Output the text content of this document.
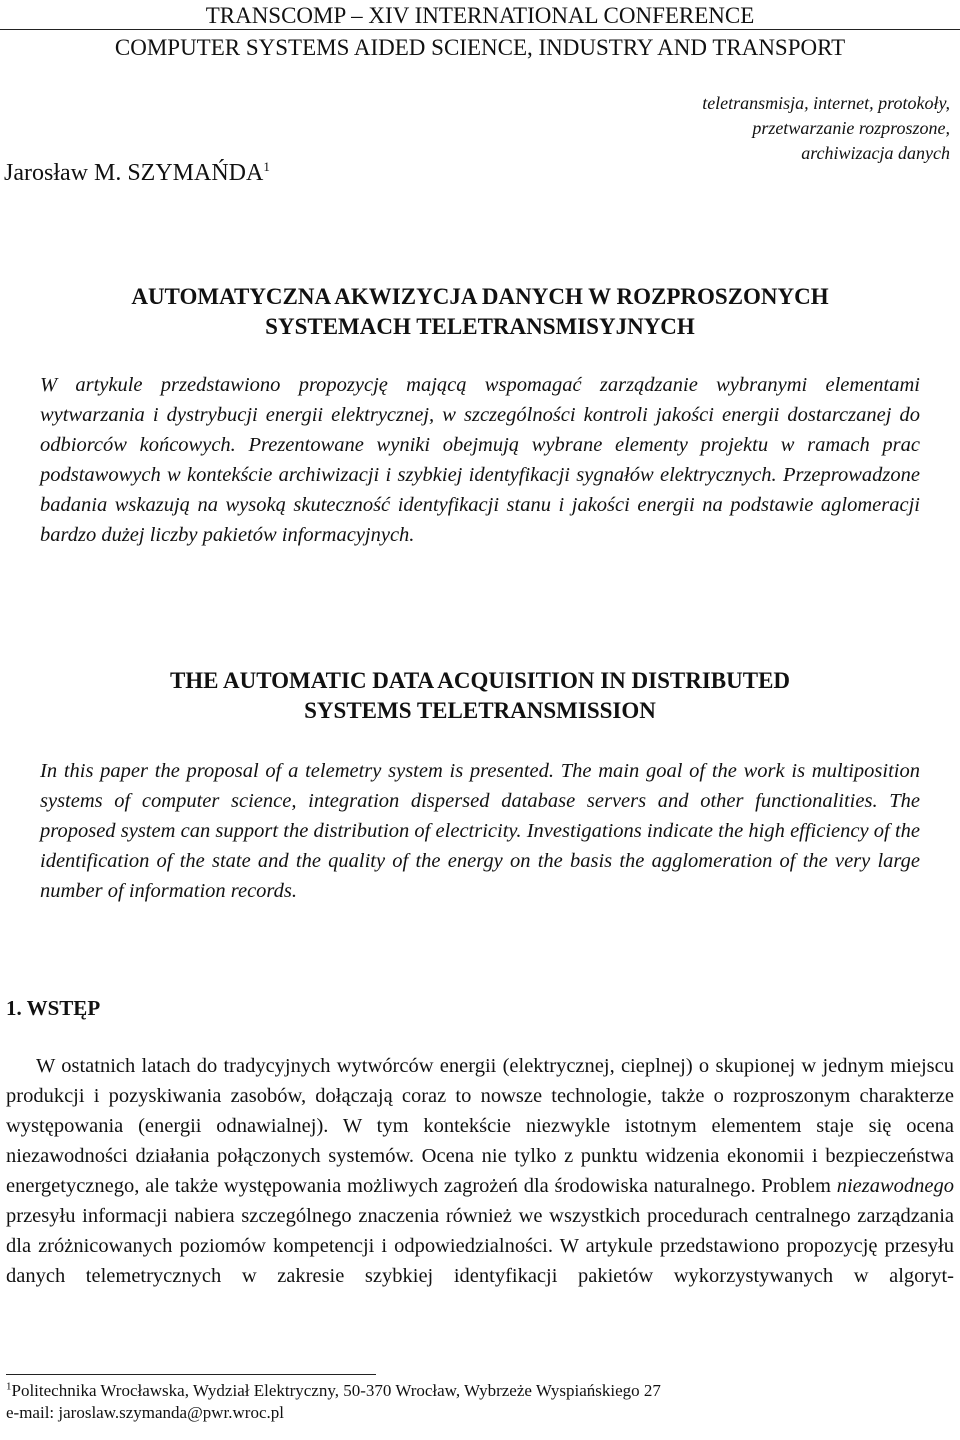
TRANSCOMP – XIV INTERNATIONAL CONFERENCE
COMPUTER SYSTEMS AIDED SCIENCE, INDUSTRY AND TRANSPORT
teletransmisja, internet, protokoły,
przetwarzanie rozproszone,
archiwizacja danych
Jarosław M. SZYMAŃDA$^1$
AUTOMATYCZNA AKWIZYCJA DANYCH W ROZPROSZONYCH
SYSTEMACH TELETRANSMISYJNYCH
W artykule przedstawiono propozycję mającą wspomagać zarządzanie wybranymi elementami wytwarzania i dystrybucji energii elektrycznej, w szczególności kontroli jakości energii dostarczanej do odbiorców końcowych. Prezentowane wyniki obejmują wybrane elementy projektu w ramach prac podstawowych w kontekście archiwizacji i szybkiej identyfikacji sygnałów elektrycznych. Przeprowadzone badania wskazują na wysoką skuteczność identyfikacji stanu i jakości energii na podstawie aglomeracji bardzo dużej liczby pakietów informacyjnych.
THE AUTOMATIC DATA ACQUISITION IN DISTRIBUTED
SYSTEMS TELETRANSMISSION
In this paper the proposal of a telemetry system is presented. The main goal of the work is multiposition systems of computer science, integration dispersed database servers and other functionalities. The proposed system can support the distribution of electricity. Investigations indicate the high efficiency of the identification of the state and the quality of the energy on the basis the agglomeration of the very large number of information records.
1. WSTĘP
W ostatnich latach do tradycyjnych wytwórców energii (elektrycznej, cieplnej) o skupionej w jednym miejscu produkcji i pozyskiwania zasobów, dołączają coraz to nowsze technologie, także o rozproszonym charakterze występowania (energii odnawialnej). W tym kontekście niezwykle istotnym elementem staje się ocena niezawodności działania połączonych systemów. Ocena nie tylko z punktu widzenia ekonomii i bezpieczeństwa energetycznego, ale także występowania możliwych zagrożeń dla środowiska naturalnego. Problem niezawodnego przesyłu informacji nabiera szczególnego znaczenia również we wszystkich procedurach centralnego zarządzania dla zróżnicowanych poziomów kompetencji i odpowiedzialności. W artykule przedstawiono propozycję przesyłu danych telemetrycznych w zakresie szybkiej identyfikacji pakietów wykorzystywanych w algoryt-
$^1$Politechnika Wrocławska, Wydział Elektryczny, 50-370 Wrocław, Wybrzeże Wyspiańskiego 27
e-mail: jaroslaw.szymanda@pwr.wroc.pl
